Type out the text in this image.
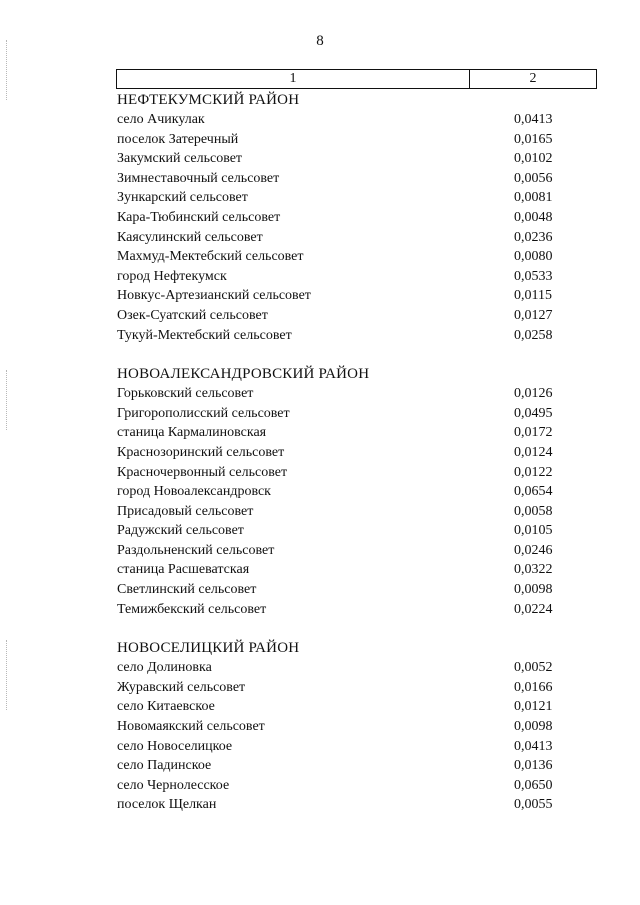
8
1	2
НЕФТЕКУМСКИЙ РАЙОН
село Ачикулак	0,0413
поселок Затеречный	0,0165
Закумский сельсовет	0,0102
Зимнеставочный сельсовет	0,0056
Зункарский сельсовет	0,0081
Кара-Тюбинский сельсовет	0,0048
Каясулинский сельсовет	0,0236
Махмуд-Мектебский сельсовет	0,0080
город Нефтекумск	0,0533
Новкус-Артезианский сельсовет	0,0115
Озек-Суатский сельсовет	0,0127
Тукуй-Мектебский сельсовет	0,0258
НОВОАЛЕКСАНДРОВСКИЙ РАЙОН
Горьковский сельсовет	0,0126
Григорополисский сельсовет	0,0495
станица Кармалиновская	0,0172
Краснозоринский сельсовет	0,0124
Красночервонный сельсовет	0,0122
город Новоалександровск	0,0654
Присадовый сельсовет	0,0058
Радужский сельсовет	0,0105
Раздольненский сельсовет	0,0246
станица Расшеватская	0,0322
Светлинский сельсовет	0,0098
Темижбекский сельсовет	0,0224
НОВОСЕЛИЦКИЙ РАЙОН
село Долиновка	0,0052
Журавский сельсовет	0,0166
село Китаевское	0,0121
Новомаякский сельсовет	0,0098
село Новоселицкое	0,0413
село Падинское	0,0136
село Чернолесское	0,0650
поселок Щелкан	0,0055
